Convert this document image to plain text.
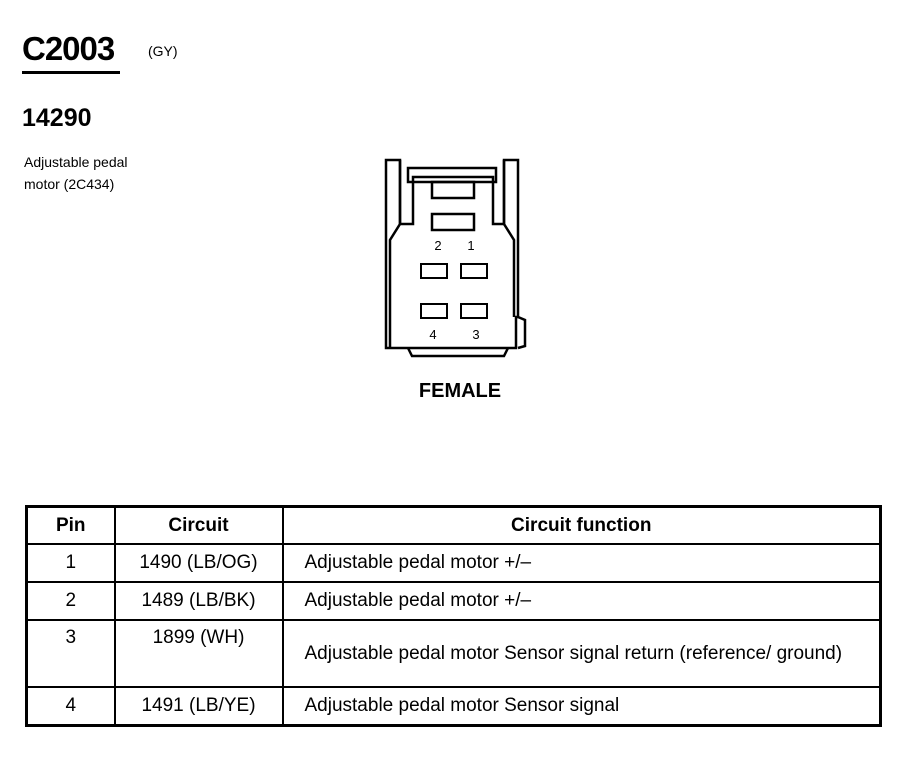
C2003 (GY)
14290
Adjustable pedal
motor (2C434)
2 1
4	3
FEMALE
Pin	Circuit	Circuit function
1	1490 (LB/OG)	Adjustable pedal motor +/–
2	1489 (LB/BK)	Adjustable pedal motor +/–
3	1899 (WH)	Adjustable pedal motor Sensor signal return (reference/ ground)
4	1491 (LB/YE)	Adjustable pedal motor Sensor signal
